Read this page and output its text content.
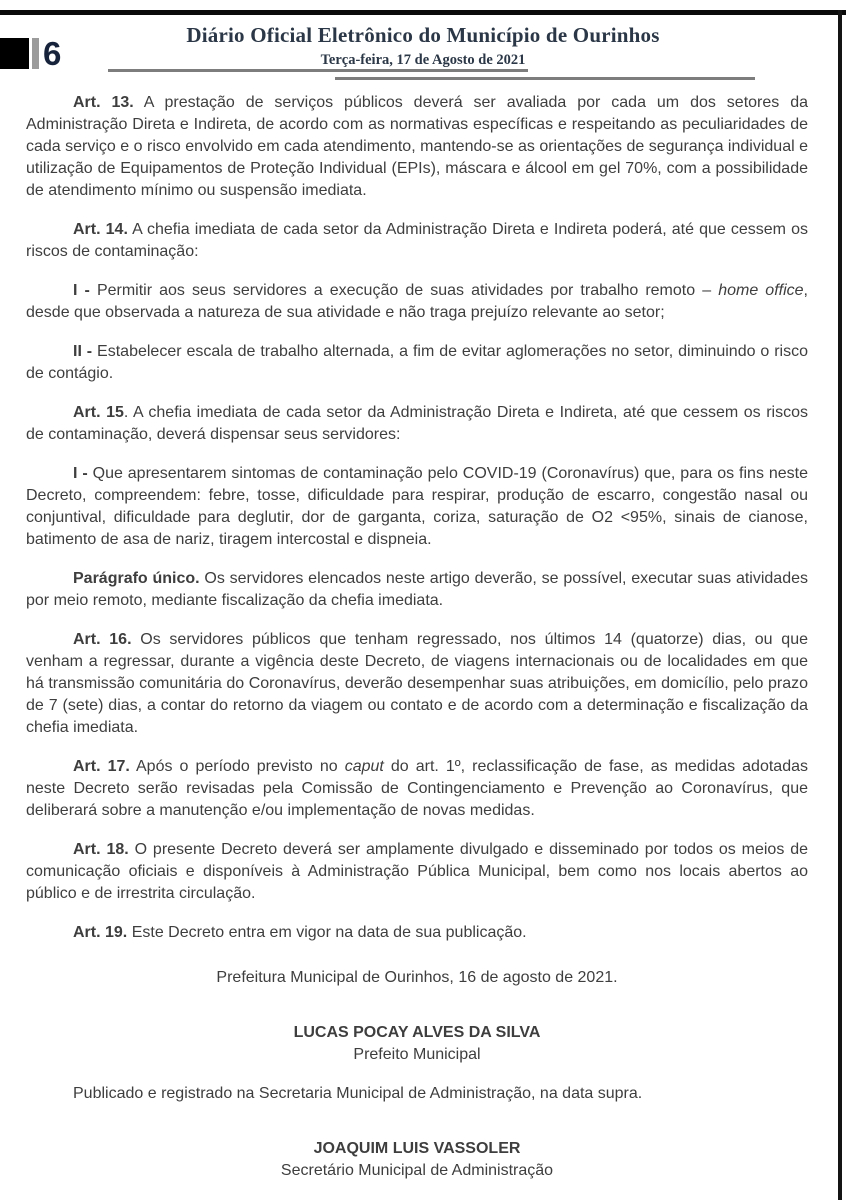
6	Diário Oficial Eletrônico do Município de Ourinhos
Terça-feira, 17 de Agosto de 2021

Art. 13. A prestação de serviços públicos deverá ser avaliada por cada um dos setores da Administração Direta e Indireta, de acordo com as normativas específicas e respeitando as peculiaridades de cada serviço e o risco envolvido em cada atendimento, mantendo-se as orientações de segurança individual e utilização de Equipamentos de Proteção Individual (EPIs), máscara e álcool em gel 70%, com a possibilidade de atendimento mínimo ou suspensão imediata.

Art. 14. A chefia imediata de cada setor da Administração Direta e Indireta poderá, até que cessem os riscos de contaminação:

I - Permitir aos seus servidores a execução de suas atividades por trabalho remoto – home office, desde que observada a natureza de sua atividade e não traga prejuízo relevante ao setor;

II - Estabelecer escala de trabalho alternada, a fim de evitar aglomerações no setor, diminuindo o risco de contágio.

Art. 15. A chefia imediata de cada setor da Administração Direta e Indireta, até que cessem os riscos de contaminação, deverá dispensar seus servidores:

I - Que apresentarem sintomas de contaminação pelo COVID-19 (Coronavírus) que, para os fins neste Decreto, compreendem: febre, tosse, dificuldade para respirar, produção de escarro, congestão nasal ou conjuntival, dificuldade para deglutir, dor de garganta, coriza, saturação de O2 <95%, sinais de cianose, batimento de asa de nariz, tiragem intercostal e dispneia.

Parágrafo único. Os servidores elencados neste artigo deverão, se possível, executar suas atividades por meio remoto, mediante fiscalização da chefia imediata.

Art. 16. Os servidores públicos que tenham regressado, nos últimos 14 (quatorze) dias, ou que venham a regressar, durante a vigência deste Decreto, de viagens internacionais ou de localidades em que há transmissão comunitária do Coronavírus, deverão desempenhar suas atribuições, em domicílio, pelo prazo de 7 (sete) dias, a contar do retorno da viagem ou contato e de acordo com a determinação e fiscalização da chefia imediata.

Art. 17. Após o período previsto no caput do art. 1º, reclassificação de fase, as medidas adotadas neste Decreto serão revisadas pela Comissão de Contingenciamento e Prevenção ao Coronavírus, que deliberará sobre a manutenção e/ou implementação de novas medidas.

Art. 18. O presente Decreto deverá ser amplamente divulgado e disseminado por todos os meios de comunicação oficiais e disponíveis à Administração Pública Municipal, bem como nos locais abertos ao público e de irrestrita circulação.

Art. 19. Este Decreto entra em vigor na data de sua publicação.

Prefeitura Municipal de Ourinhos, 16 de agosto de 2021.

LUCAS POCAY ALVES DA SILVA

Prefeito Municipal

Publicado e registrado na Secretaria Municipal de Administração, na data supra.

JOAQUIM LUIS VASSOLER

Secretário Municipal de Administração
